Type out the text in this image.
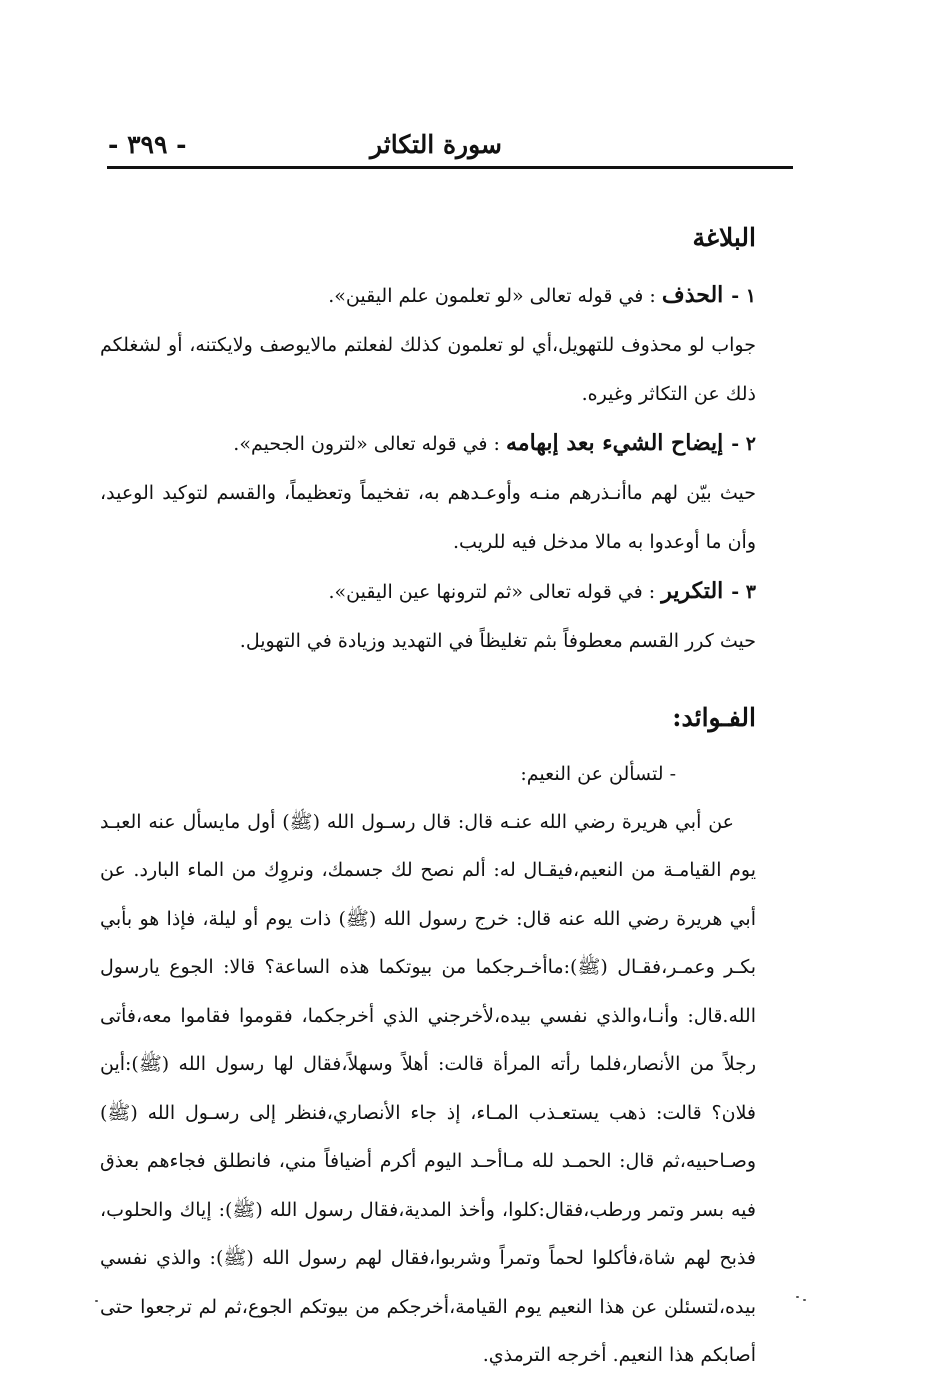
سورة التكاثر
- ٣٩٩ -
البلاغة

١ -الحذف : في قوله تعالى «لو تعلمون علم اليقين».

جواب لو محذوف للتهويل،أي لو تعلمون كذلك لفعلتم مالايوصف ولايكتنه، أو لشغلكم ذلك عن التكاثر وغيره.

٢ -إيضاح الشيء بعد إبهامه : في قوله تعالى «لترون الجحيم».

حيث بيّن لهم ماأنـذرهم منـه وأوعـدهم به، تفخيماً وتعظيماً، والقسم لتوكيد الوعيد، وأن ما أوعدوا به مالا مدخل فيه للريب.

٣ -التكرير : في قوله تعالى «ثم لترونها عين اليقين».

حيث كرر القسم معطوفاً بثم تغليظاً في التهديد وزيادة في التهويل.

الفـوائد:

- لتسألن عن النعيم:

عن أبي هريرة رضي الله عنـه قال: قال رسـول الله (ﷺ) أول مايسأل عنه العبـد يوم القيامـة من النعيم،فيقـال له: ألم نصح لك جسمك، ونروِك من الماء البارد. عن أبي هريرة رضي الله عنه قال: خرج رسول الله (ﷺ) ذات يوم أو ليلة، فإذا هو بأبي بكـر وعمـر،فقـال (ﷺ):ماأخـرجكما من بيوتكما هذه الساعة؟ قالا: الجوع يارسول الله.قال: وأنـا،والذي نفسي بيده،لأخرجني الذي أخرجكما، فقوموا فقاموا معه،فأتى رجلاً من الأنصار،فلما رأته المرأة قالت: أهلاً وسهلاً،فقال لها رسول الله (ﷺ):أين فلان؟ قالت: ذهب يستعـذب المـاء، إذ جاء الأنصاري،فنظر إلى رسـول الله (ﷺ) وصـاحبيه،ثم قال: الحمـد لله مـاأحـد اليوم أكرم أضيافاً مني، فانطلق فجاءهم بعذق فيه بسر وتمر ورطب،فقال:كلوا، وأخذ المدية،فقال رسول الله (ﷺ): إياك والحلوب، فذبح لهم شاة،فأكلوا لحماً وتمراً وشربوا،فقال لهم رسول الله (ﷺ): والذي نفسي بيده،لتسئلن عن هذا النعيم يوم القيامة،أخرجكم من بيوتكم الجوع،ثم لم ترجعوا حتى أصابكم هذا النعيم. أخرجه الترمذي.
